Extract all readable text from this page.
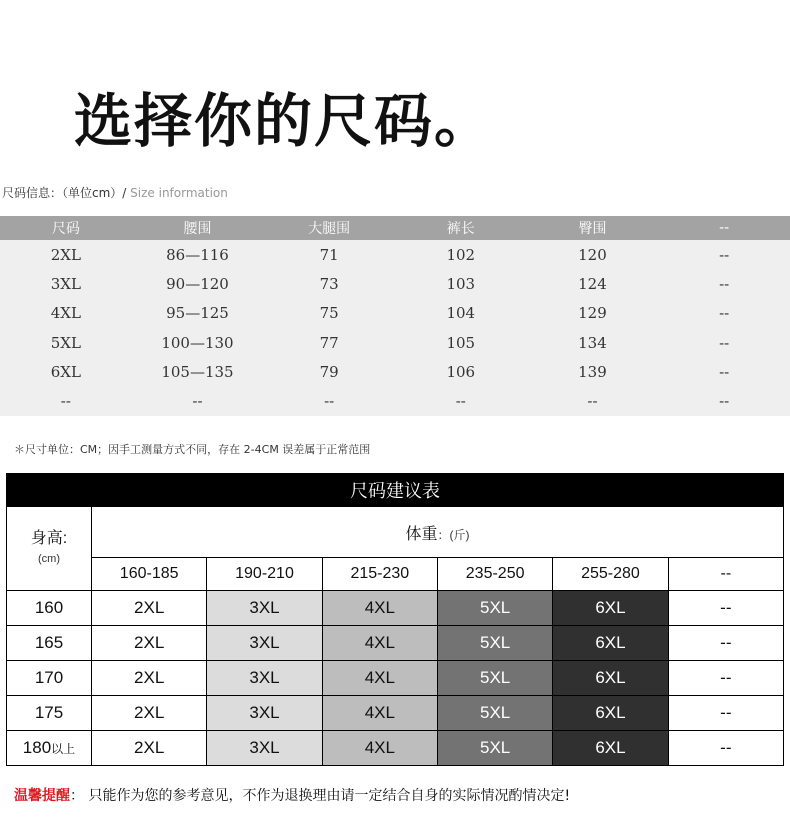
选择你的尺码。
尺码信息：（单位cm）/ Size information
尺码	腰围	大腿围	裤长	臀围	--
2XL	86—116	71	102	120	--
3XL	90—120	73	103	124	--
4XL	95—125	75	104	129	--
5XL	100—130	77	105	134	--
6XL	105—135	79	106	139	--
--	--	--	--	--	--
＊尺寸单位：CM；因手工测量方式不同，存在 2-4CM 误差属于正常范围
尺码建议表						
身高:
(cm)	体重：(斤)					
	160-185	190-210	215-230	235-250	255-280	--
160	2XL	3XL	4XL	5XL	6XL	--
165	2XL	3XL	4XL	5XL	6XL	--
170	2XL	3XL	4XL	5XL	6XL	--
175	2XL	3XL	4XL	5XL	6XL	--
180以上	2XL	3XL	4XL	5XL	6XL	--
温馨提醒： 只能作为您的参考意见，不作为退换理由请一定结合自身的实际情况酌情决定!
